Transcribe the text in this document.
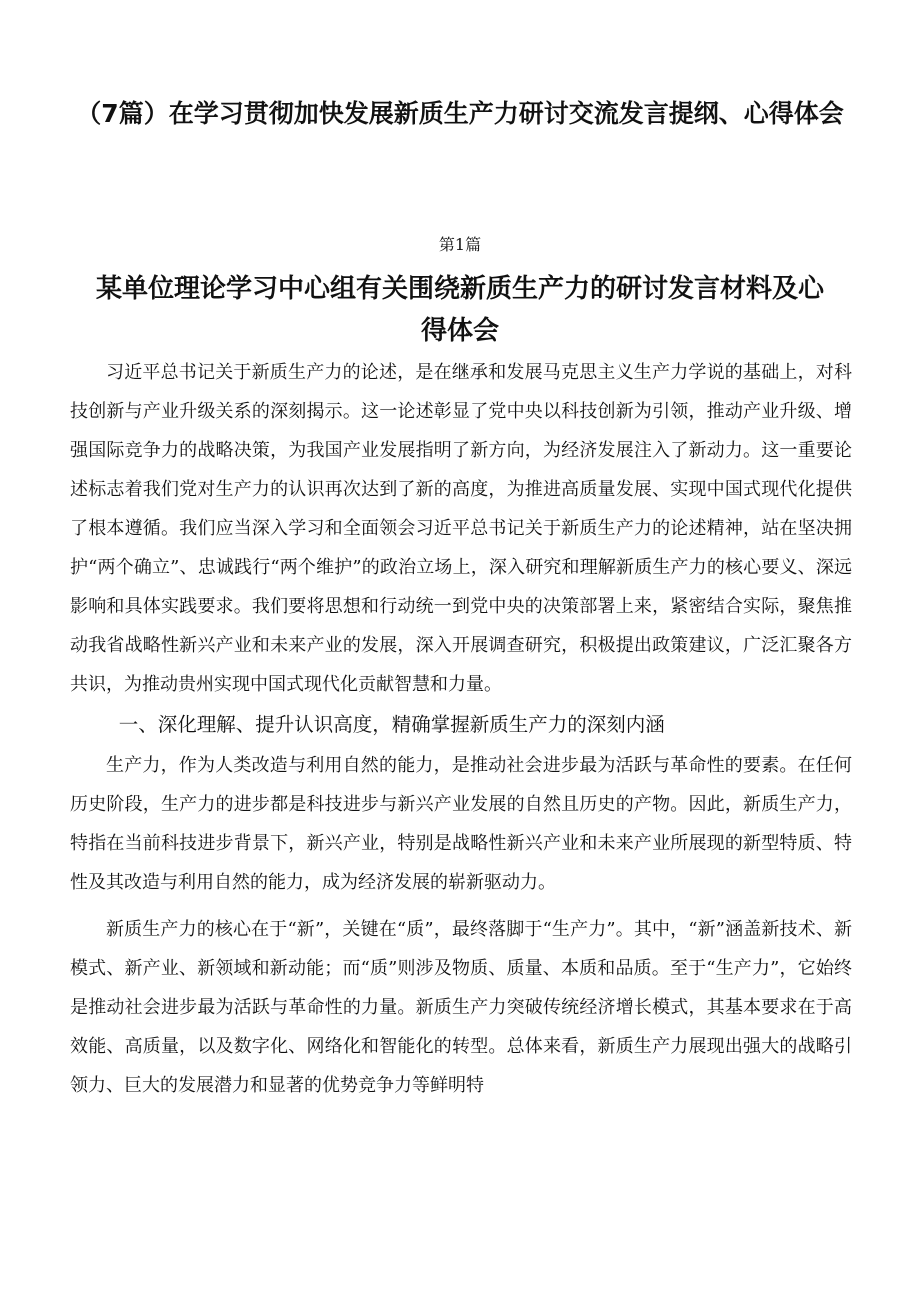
（7篇）在学习贯彻加快发展新质生产力研讨交流发言提纲、心得体会
第1篇
某单位理论学习中心组有关围绕新质生产力的研讨发言材料及心得体会

习近平总书记关于新质生产力的论述，是在继承和发展马克思主义生产力学说的基础上，对科技创新与产业升级关系的深刻揭示。这一论述彰显了党中央以科技创新为引领，推动产业升级、增强国际竞争力的战略决策，为我国产业发展指明了新方向，为经济发展注入了新动力。这一重要论述标志着我们党对生产力的认识再次达到了新的高度，为推进高质量发展、实现中国式现代化提供了根本遵循。我们应当深入学习和全面领会习近平总书记关于新质生产力的论述精神，站在坚决拥护“两个确立”、忠诚践行“两个维护”的政治立场上，深入研究和理解新质生产力的核心要义、深远影响和具体实践要求。我们要将思想和行动统一到党中央的决策部署上来，紧密结合实际，聚焦推动我省战略性新兴产业和未来产业的发展，深入开展调查研究，积极提出政策建议，广泛汇聚各方共识，为推动贵州实现中国式现代化贡献智慧和力量。

一、深化理解、提升认识高度，精确掌握新质生产力的深刻内涵

生产力，作为人类改造与利用自然的能力，是推动社会进步最为活跃与革命性的要素。在任何历史阶段，生产力的进步都是科技进步与新兴产业发展的自然且历史的产物。因此，新质生产力，特指在当前科技进步背景下，新兴产业，特别是战略性新兴产业和未来产业所展现的新型特质、特性及其改造与利用自然的能力，成为经济发展的崭新驱动力。

新质生产力的核心在于“新”，关键在“质”，最终落脚于“生产力”。其中，“新”涵盖新技术、新模式、新产业、新领域和新动能；而“质”则涉及物质、质量、本质和品质。至于“生产力”，它始终是推动社会进步最为活跃与革命性的力量。新质生产力突破传统经济增长模式，其基本要求在于高效能、高质量，以及数字化、网络化和智能化的转型。总体来看，新质生产力展现出强大的战略引领力、巨大的发展潜力和显著的优势竞争力等鲜明特
